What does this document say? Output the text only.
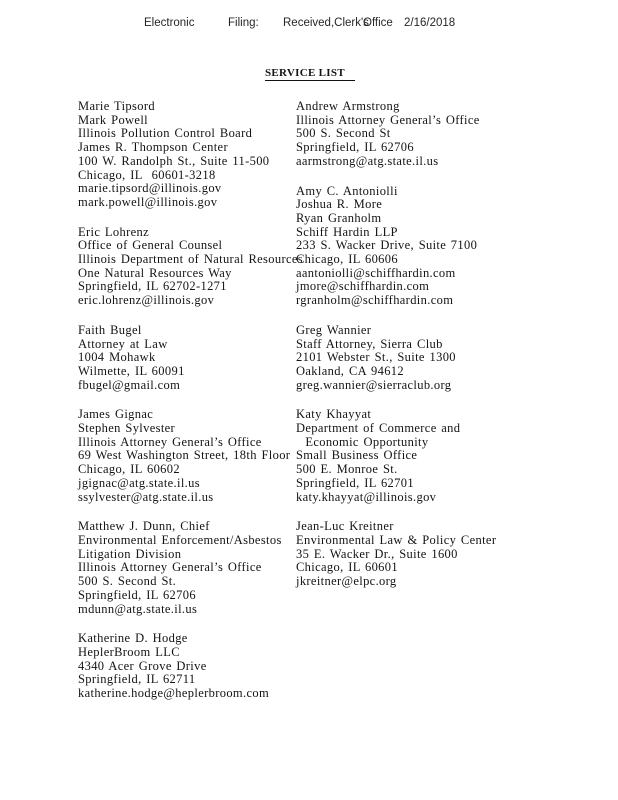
Electronic	Filing: Received,Clerk's
Office 2/16/2018
SERVICE LIST
Marie Tipsord
Mark Powell
Illinois Pollution Control Board
James R. Thompson Center
100 W. Randolph St., Suite 11-500
Chicago, IL  60601-3218
marie.tipsord@illinois.gov
mark.powell@illinois.gov
Eric Lohrenz
Office of General Counsel
Illinois Department of Natural Resources
One Natural Resources Way
Springfield, IL 62702-1271
eric.lohrenz@illinois.gov
Faith Bugel
Attorney at Law
1004 Mohawk
Wilmette, IL 60091
fbugel@gmail.com
James Gignac
Stephen Sylvester
Illinois Attorney General’s Office
69 West Washington Street, 18th Floor
Chicago, IL 60602
jgignac@atg.state.il.us
ssylvester@atg.state.il.us
Matthew J. Dunn, Chief
Environmental Enforcement/Asbestos
Litigation Division
Illinois Attorney General’s Office
500 S. Second St.
Springfield, IL 62706
mdunn@atg.state.il.us
Katherine D. Hodge
HeplerBroom LLC
4340 Acer Grove Drive
Springfield, IL 62711
katherine.hodge@heplerbroom.com
Andrew Armstrong
Illinois Attorney General’s Office
500 S. Second St
Springfield, IL 62706
aarmstrong@atg.state.il.us
Amy C. Antoniolli
Joshua R. More
Ryan Granholm
Schiff Hardin LLP
233 S. Wacker Drive, Suite 7100
Chicago, IL 60606
aantoniolli@schiffhardin.com
jmore@schiffhardin.com
rgranholm@schiffhardin.com
Greg Wannier
Staff Attorney, Sierra Club
2101 Webster St., Suite 1300
Oakland, CA 94612
greg.wannier@sierraclub.org
Katy Khayyat
Department of Commerce and
Economic Opportunity
Small Business Office
500 E. Monroe St.
Springfield, IL 62701
katy.khayyat@illinois.gov
Jean-Luc Kreitner
Environmental Law & Policy Center
35 E. Wacker Dr., Suite 1600
Chicago, IL 60601
jkreitner@elpc.org
